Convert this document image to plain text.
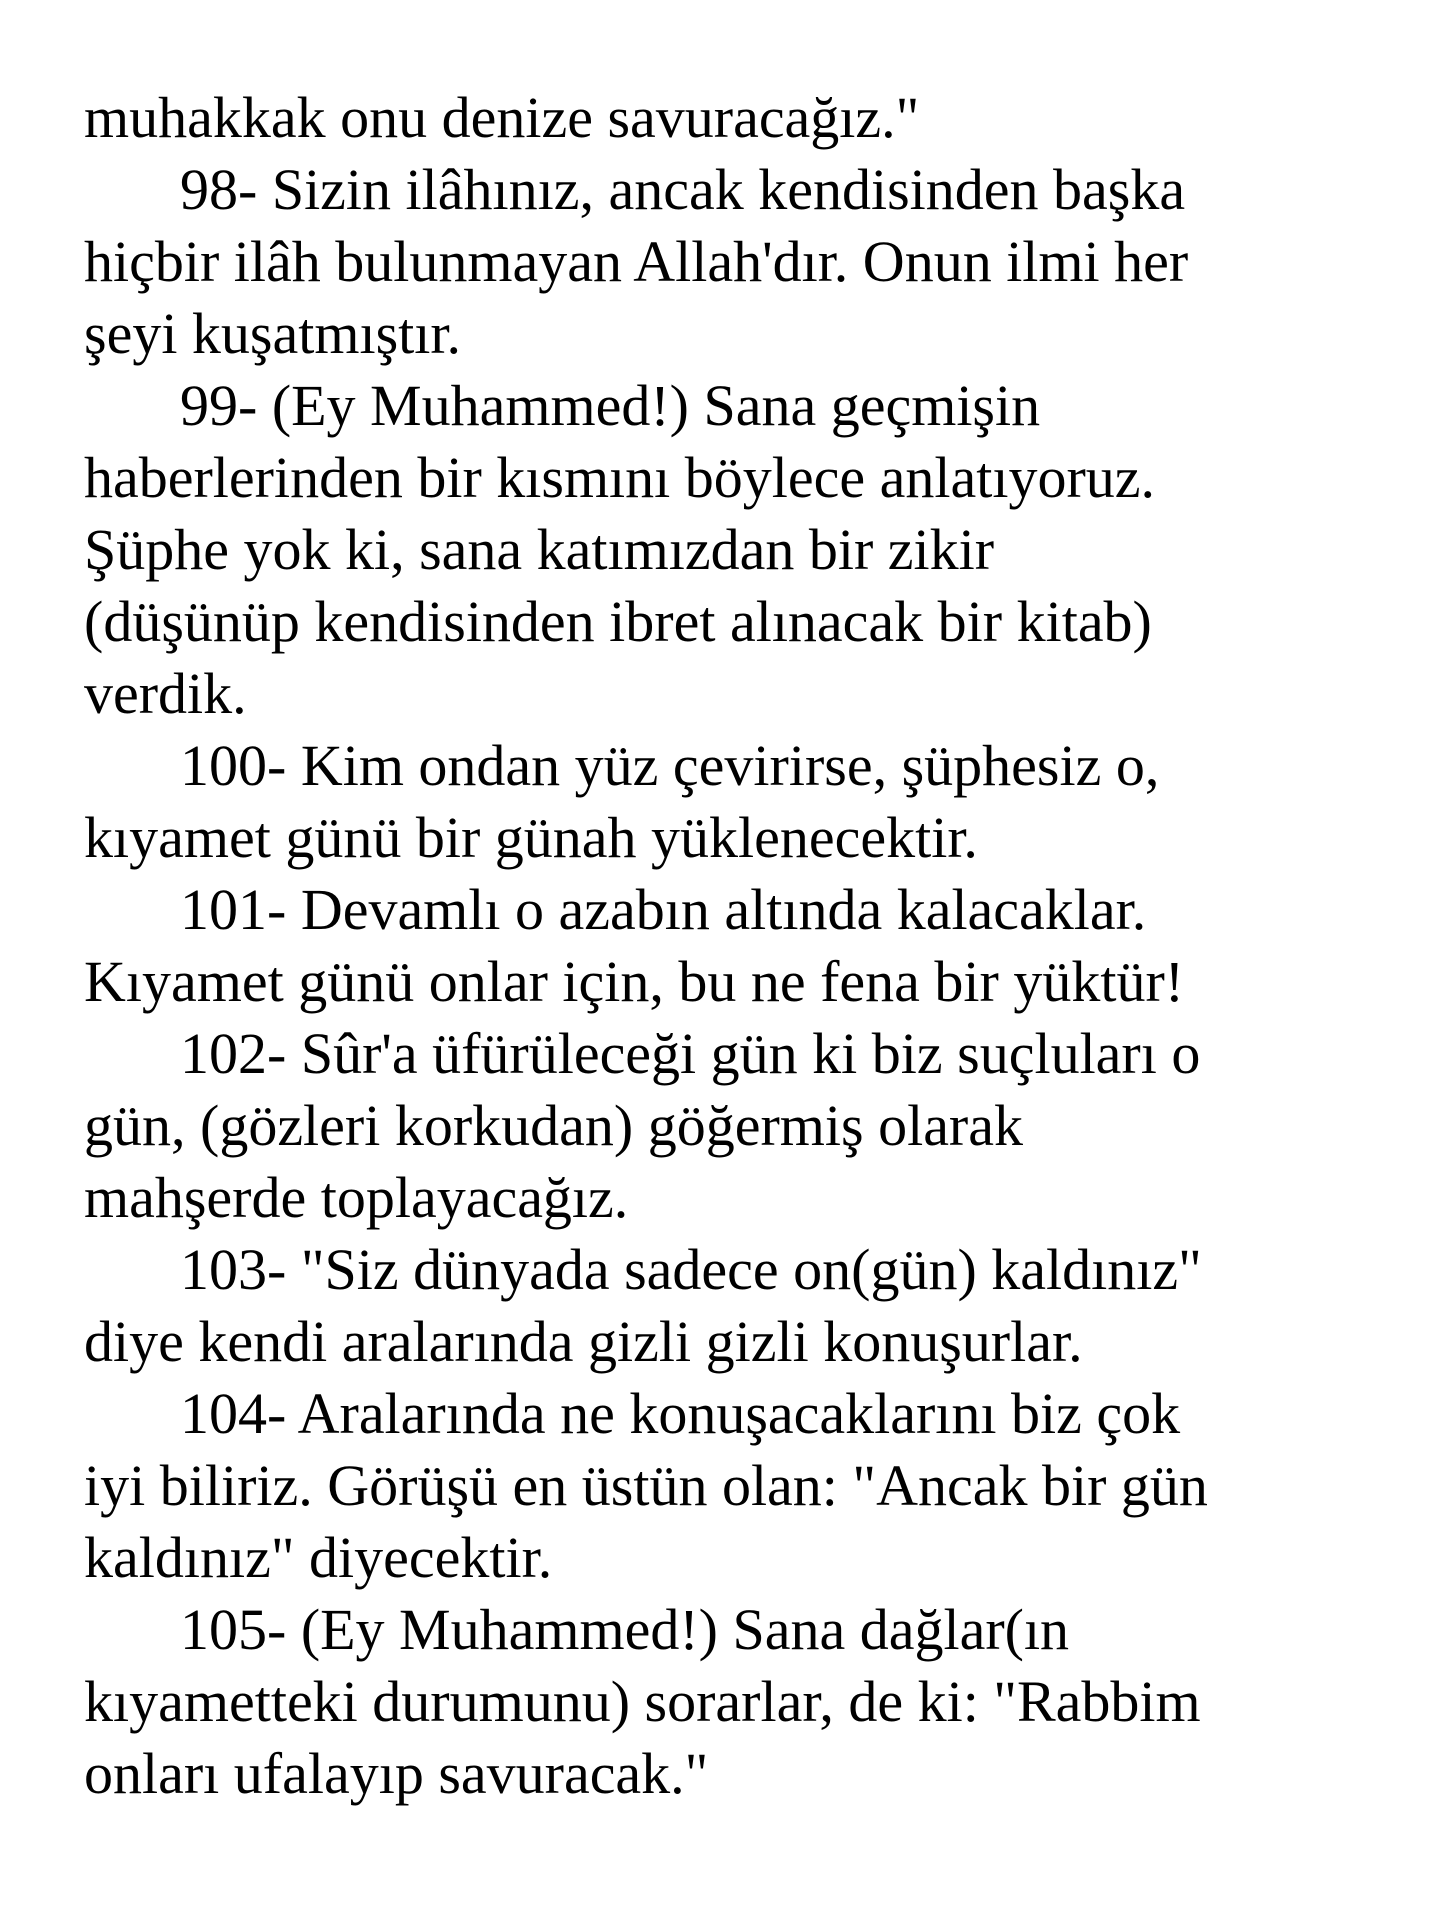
muhakkak onu denize savuracağız."
98- Sizin ilâhınız, ancak kendisinden başka
hiçbir ilâh bulunmayan Allah'dır. Onun ilmi her
şeyi kuşatmıştır.
99- (Ey Muhammed!) Sana geçmişin
haberlerinden bir kısmını böylece anlatıyoruz.
Şüphe yok ki, sana katımızdan bir zikir
(düşünüp kendisinden ibret alınacak bir kitab)
verdik.
100- Kim ondan yüz çevirirse, şüphesiz o,
kıyamet günü bir günah yüklenecektir.
101- Devamlı o azabın altında kalacaklar.
Kıyamet günü onlar için, bu ne fena bir yüktür!
102- Sûr'a üfürüleceği gün ki biz suçluları o
gün, (gözleri korkudan) göğermiş olarak
mahşerde toplayacağız.
103- "Siz dünyada sadece on(gün) kaldınız"
diye kendi aralarında gizli gizli konuşurlar.
104- Aralarında ne konuşacaklarını biz çok
iyi biliriz. Görüşü en üstün olan: "Ancak bir gün
kaldınız" diyecektir.
105- (Ey Muhammed!) Sana dağlar(ın
kıyametteki durumunu) sorarlar, de ki: "Rabbim
onları ufalayıp savuracak."
